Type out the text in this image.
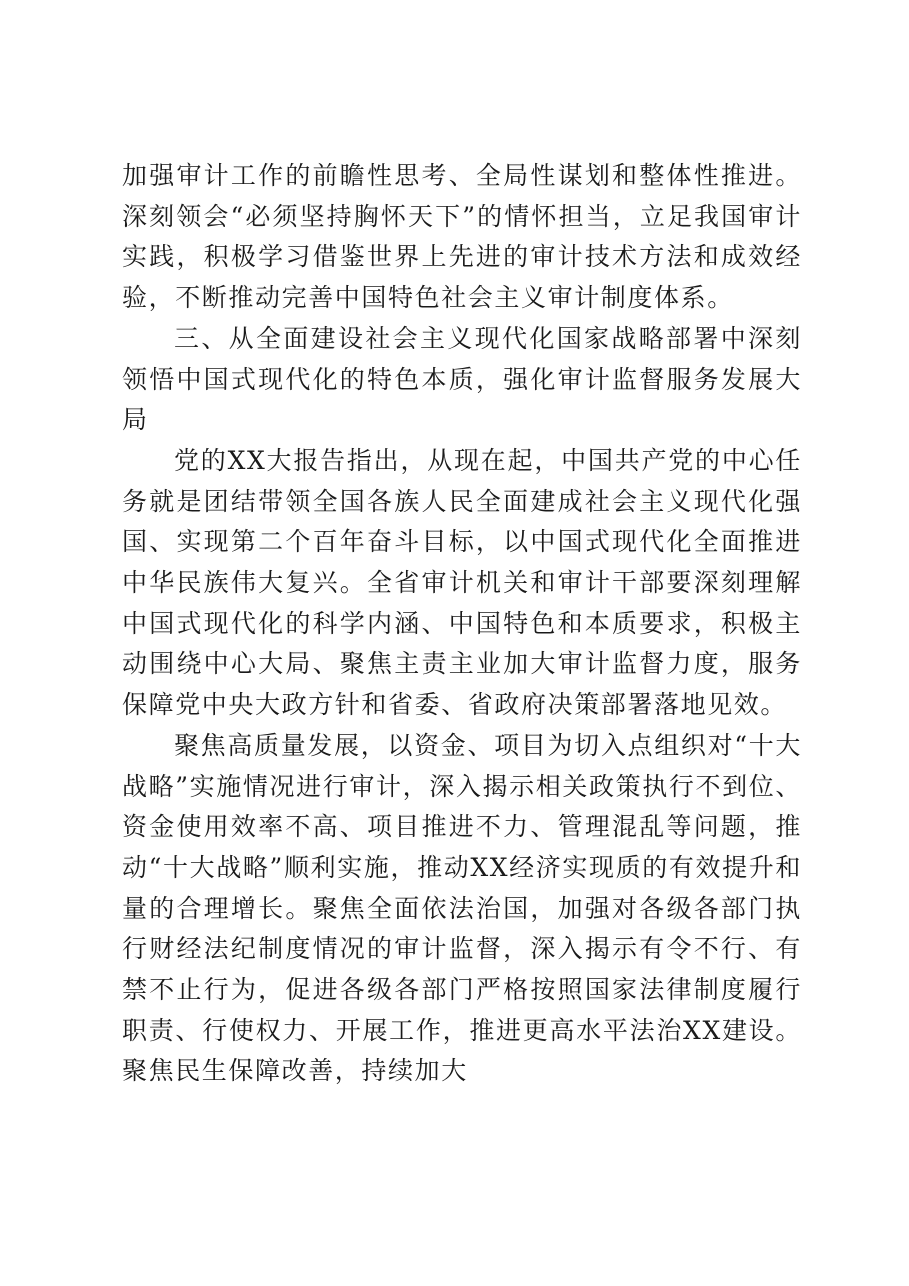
加强审计工作的前瞻性思考、全局性谋划和整体性推进。深刻领会“必须坚持胸怀天下”的情怀担当，立足我国审计实践，积极学习借鉴世界上先进的审计技术方法和成效经验，不断推动完善中国特色社会主义审计制度体系。

三、从全面建设社会主义现代化国家战略部署中深刻领悟中国式现代化的特色本质，强化审计监督服务发展大局

党的XX大报告指出，从现在起，中国共产党的中心任务就是团结带领全国各族人民全面建成社会主义现代化强国、实现第二个百年奋斗目标，以中国式现代化全面推进中华民族伟大复兴。全省审计机关和审计干部要深刻理解中国式现代化的科学内涵、中国特色和本质要求，积极主动围绕中心大局、聚焦主责主业加大审计监督力度，服务保障党中央大政方针和省委、省政府决策部署落地见效。

聚焦高质量发展，以资金、项目为切入点组织对“十大战略”实施情况进行审计，深入揭示相关政策执行不到位、资金使用效率不高、项目推进不力、管理混乱等问题，推动“十大战略”顺利实施，推动XX经济实现质的有效提升和量的合理增长。聚焦全面依法治国，加强对各级各部门执行财经法纪制度情况的审计监督，深入揭示有令不行、有禁不止行为，促进各级各部门严格按照国家法律制度履行职责、行使权力、开展工作，推进更高水平法治XX建设。聚焦民生保障改善，持续加大
